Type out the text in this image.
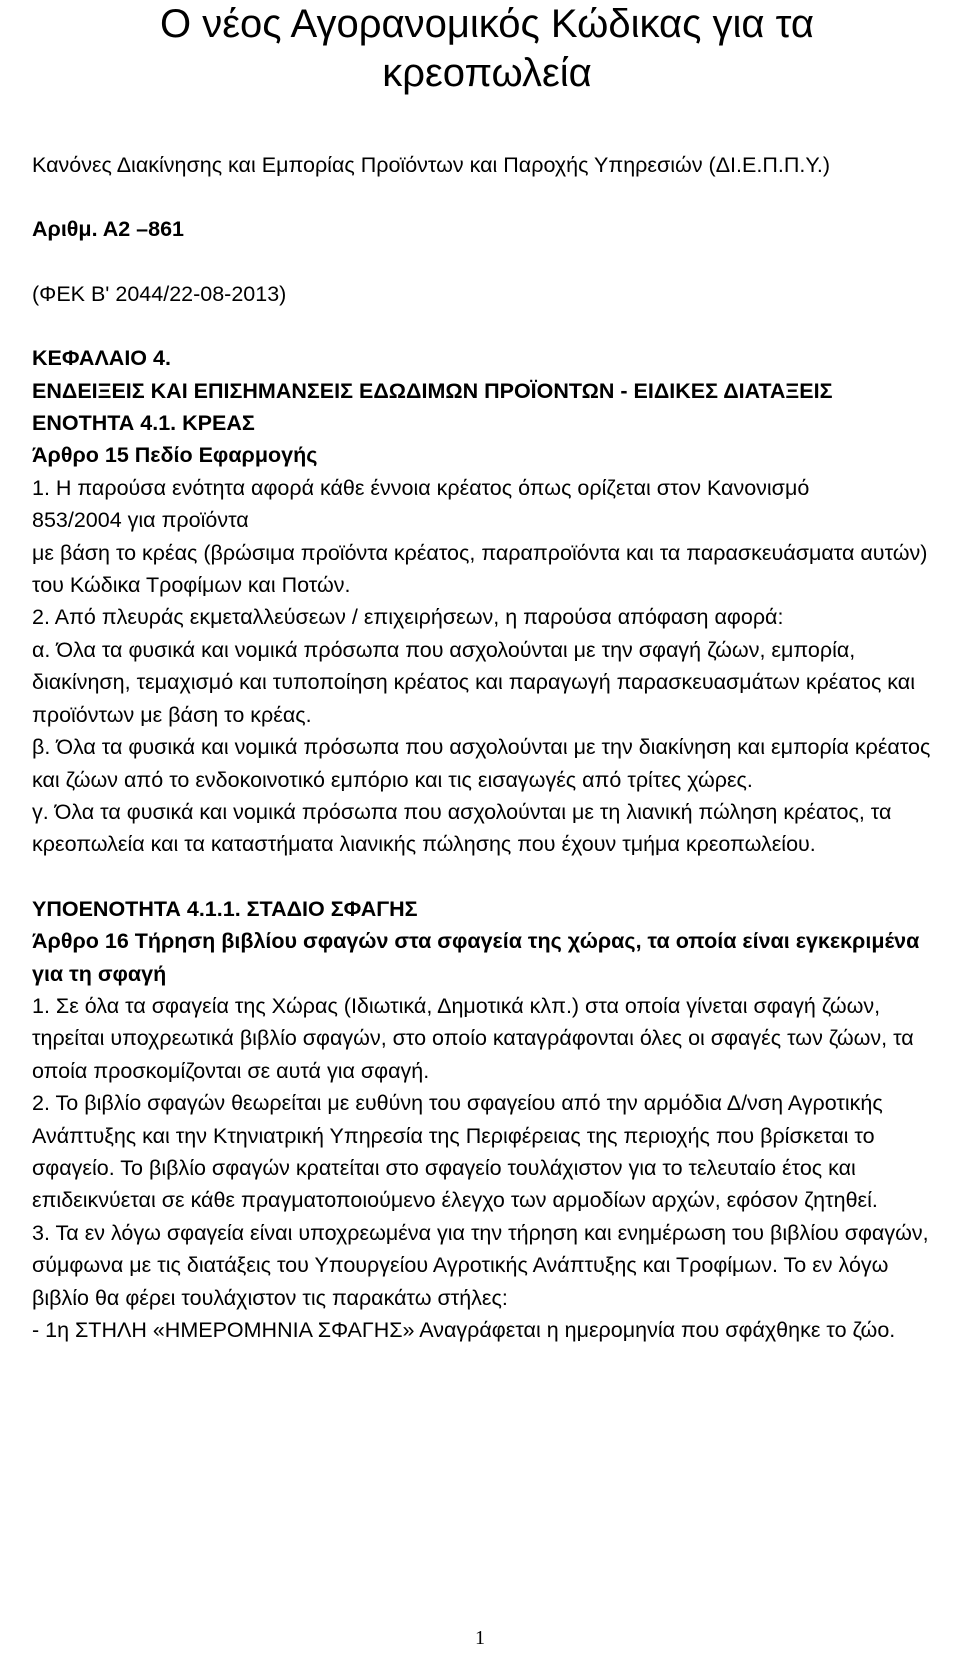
Ο νέος Αγορανομικός Κώδικας για τα
κρεοπωλεία

Κανόνες Διακίνησης και Εμπορίας Προϊόντων και Παροχής Υπηρεσιών (ΔΙ.Ε.Π.Π.Υ.)

Αριθμ. Α2 –861

(ΦΕΚ Β' 2044/22-08-2013)

ΚΕΦΑΛΑΙΟ 4.

ΕΝΔΕΙΞΕΙΣ ΚΑΙ ΕΠΙΣΗΜΑΝΣΕΙΣ ΕΔΩΔΙΜΩΝ ΠΡΟΪΟΝΤΩΝ - ΕΙΔΙΚΕΣ ΔΙΑΤΑΞΕΙΣ

ΕΝΟΤΗΤΑ 4.1. ΚΡΕΑΣ

Άρθρο 15 Πεδίο Εφαρμογής

1. Η παρούσα ενότητα αφορά κάθε έννοια κρέατος όπως ορίζεται στον Κανονισμό 853/2004 για προϊόντα

με βάση το κρέας (βρώσιμα προϊόντα κρέατος, παραπροϊόντα και τα παρασκευάσματα αυτών) του Κώδικα Τροφίμων και Ποτών.

2. Από πλευράς εκμεταλλεύσεων / επιχειρήσεων, η παρούσα απόφαση αφορά:

α. Όλα τα φυσικά και νομικά πρόσωπα που ασχολούνται με την σφαγή ζώων, εμπορία, διακίνηση, τεμαχισμό και τυποποίηση κρέατος και παραγωγή παρασκευασμάτων κρέατος και προϊόντων με βάση το κρέας.

β. Όλα τα φυσικά και νομικά πρόσωπα που ασχολούνται με την διακίνηση και εμπορία κρέατος και ζώων από το ενδοκοινοτικό εμπόριο και τις εισαγωγές από τρίτες χώρες.

γ. Όλα τα φυσικά και νομικά πρόσωπα που ασχολούνται με τη λιανική πώληση κρέατος, τα κρεοπωλεία και τα καταστήματα λιανικής πώλησης που έχουν τμήμα κρεοπωλείου.

ΥΠΟΕΝΟΤΗΤΑ 4.1.1. ΣΤΑΔΙΟ ΣΦΑΓΗΣ

Άρθρο 16 Τήρηση βιβλίου σφαγών στα σφαγεία της χώρας, τα οποία είναι εγκεκριμένα για τη σφαγή

1. Σε όλα τα σφαγεία της Χώρας (Ιδιωτικά, Δημοτικά κλπ.) στα οποία γίνεται σφαγή ζώων, τηρείται υποχρεωτικά βιβλίο σφαγών, στο οποίο καταγράφονται όλες οι σφαγές των ζώων, τα οποία προσκομίζονται σε αυτά για σφαγή.

2. Το βιβλίο σφαγών θεωρείται με ευθύνη του σφαγείου από την αρμόδια Δ/νση Αγροτικής Ανάπτυξης και την Κτηνιατρική Υπηρεσία της Περιφέρειας της περιοχής που βρίσκεται το σφαγείο. Το βιβλίο σφαγών κρατείται στο σφαγείο τουλάχιστον για το τελευταίο έτος και επιδεικνύεται σε κάθε πραγματοποιούμενο έλεγχο των αρμοδίων αρχών, εφόσον ζητηθεί.

3. Τα εν λόγω σφαγεία είναι υποχρεωμένα για την τήρηση και ενημέρωση του βιβλίου σφαγών, σύμφωνα με τις διατάξεις του Υπουργείου Αγροτικής Ανάπτυξης και Τροφίμων. Το εν λόγω βιβλίο θα φέρει τουλάχιστον τις παρακάτω στήλες:

- 1η ΣΤΗΛΗ «ΗΜΕΡΟΜΗΝΙΑ ΣΦΑΓΗΣ» Αναγράφεται η ημερομηνία που σφάχθηκε το ζώο.

1
